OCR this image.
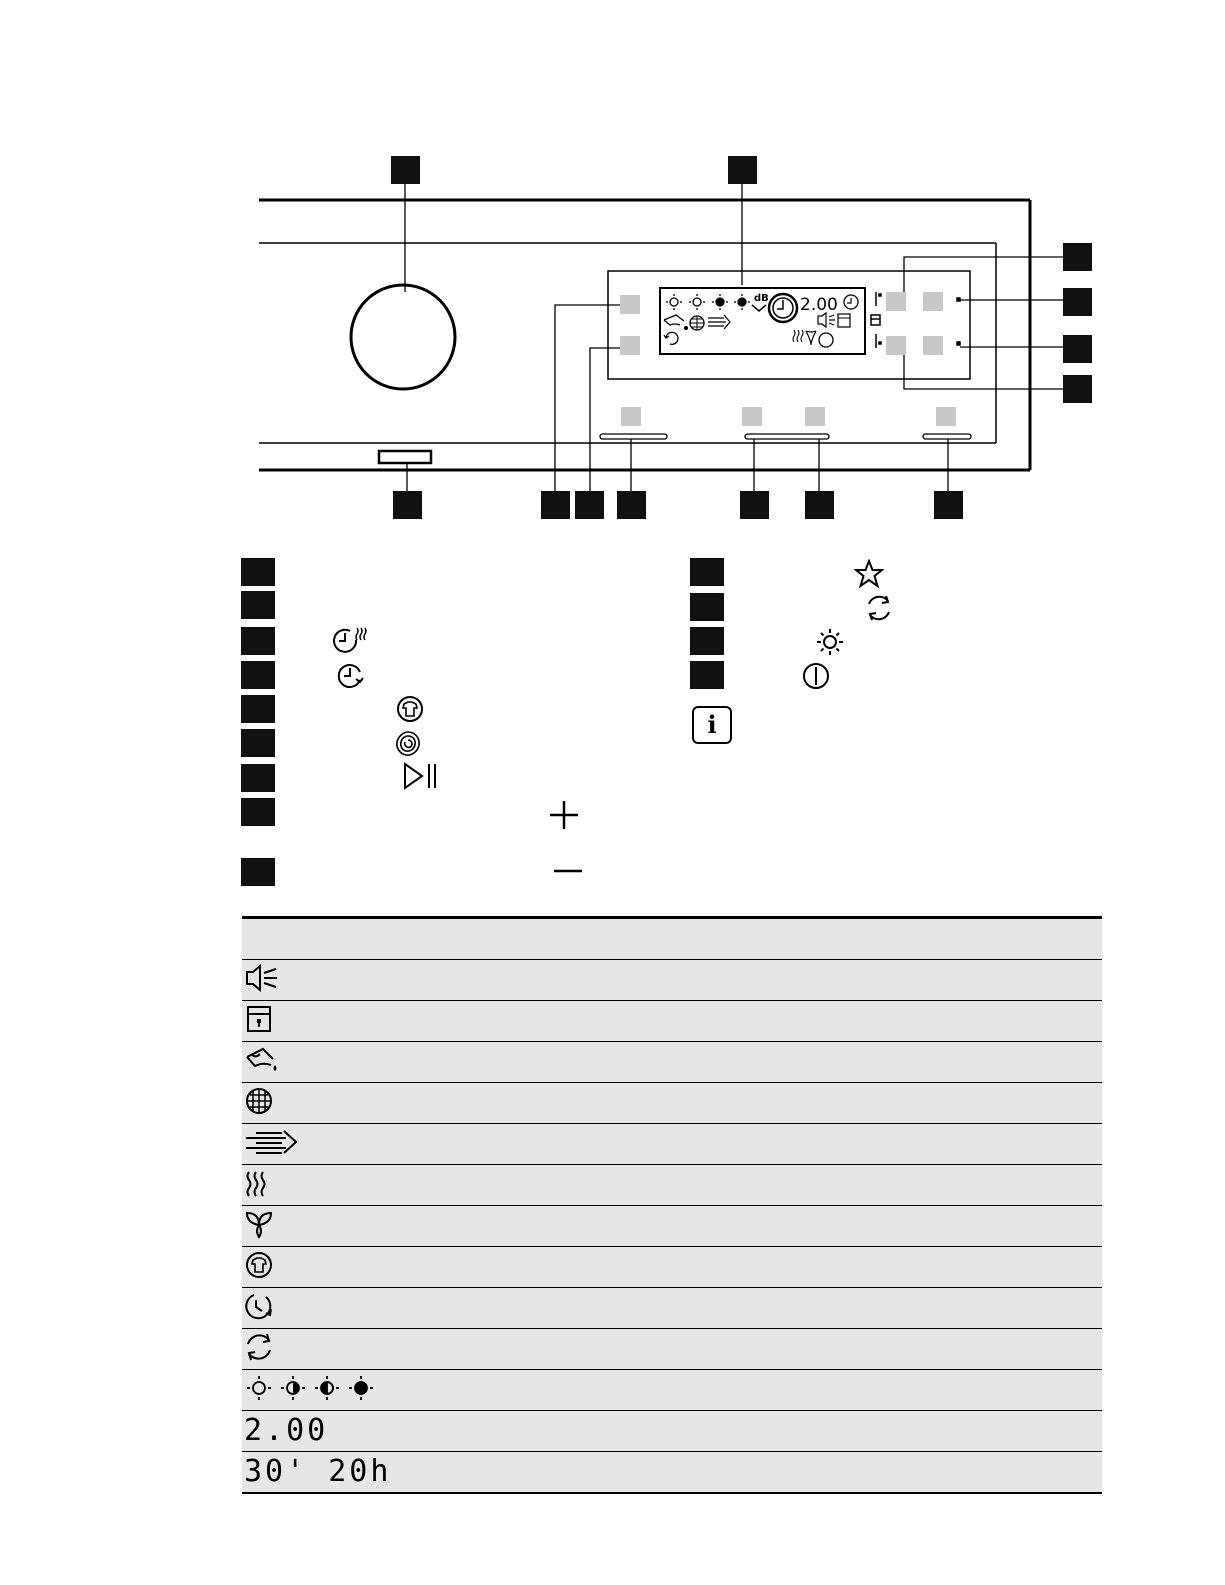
dB 2.00
i

2.00
30' 20h
